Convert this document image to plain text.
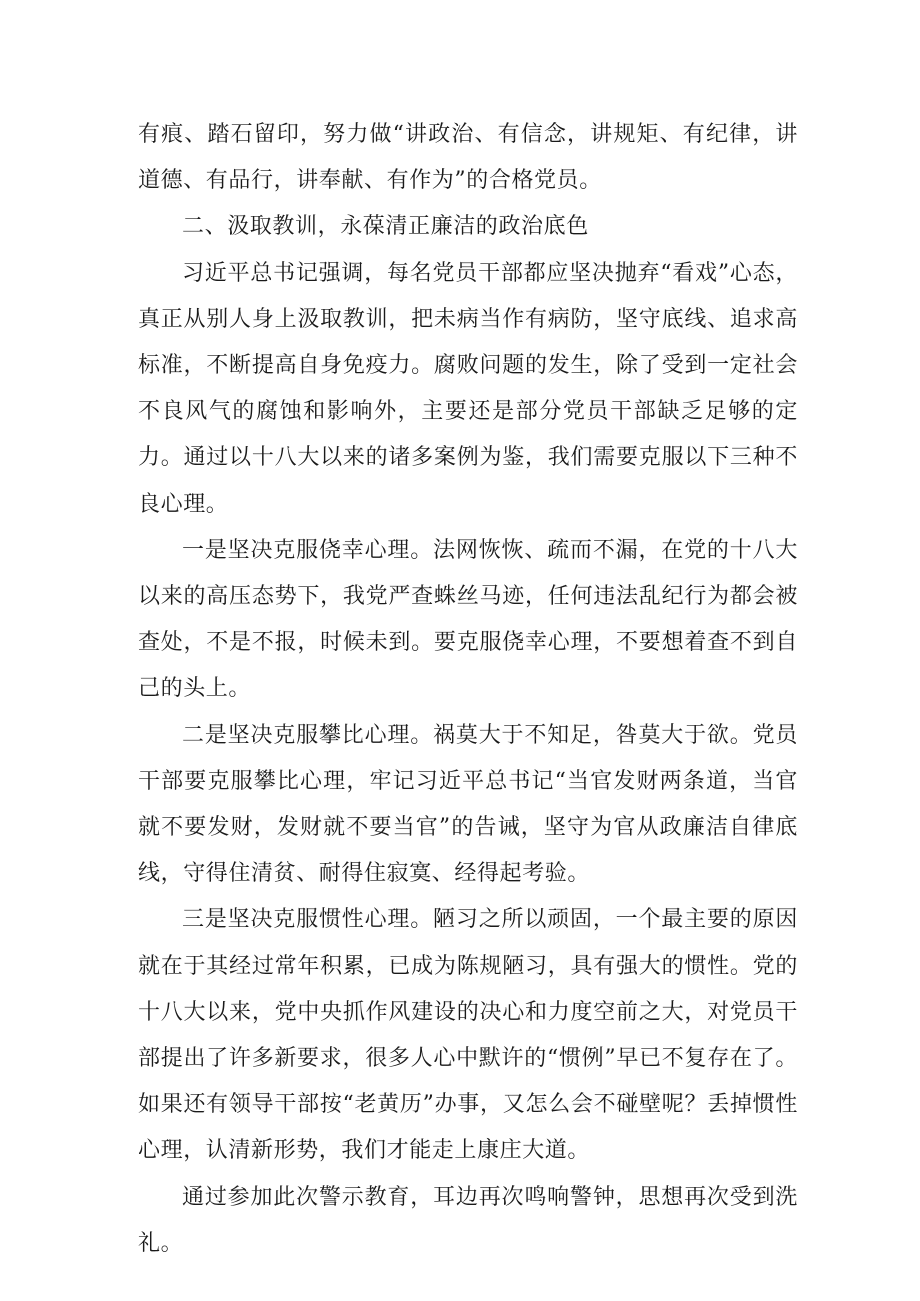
有痕、踏石留印，努力做“讲政治、有信念，讲规矩、有纪律，讲道德、有品行，讲奉献、有作为”的合格党员。

二、汲取教训，永葆清正廉洁的政治底色

习近平总书记强调，每名党员干部都应坚决抛弃“看戏”心态，真正从别人身上汲取教训，把未病当作有病防，坚守底线、追求高标准，不断提高自身免疫力。腐败问题的发生，除了受到一定社会不良风气的腐蚀和影响外，主要还是部分党员干部缺乏足够的定力。通过以十八大以来的诸多案例为鉴，我们需要克服以下三种不良心理。

一是坚决克服侥幸心理。法网恢恢、疏而不漏，在党的十八大以来的高压态势下，我党严查蛛丝马迹，任何违法乱纪行为都会被查处，不是不报，时候未到。要克服侥幸心理，不要想着查不到自己的头上。

二是坚决克服攀比心理。祸莫大于不知足，咎莫大于欲。党员干部要克服攀比心理，牢记习近平总书记“当官发财两条道，当官就不要发财，发财就不要当官”的告诫，坚守为官从政廉洁自律底线，守得住清贫、耐得住寂寞、经得起考验。

三是坚决克服惯性心理。陋习之所以顽固，一个最主要的原因就在于其经过常年积累，已成为陈规陋习，具有强大的惯性。党的十八大以来，党中央抓作风建设的决心和力度空前之大，对党员干部提出了许多新要求，很多人心中默许的“惯例”早已不复存在了。如果还有领导干部按“老黄历”办事，又怎么会不碰壁呢？丢掉惯性心理，认清新形势，我们才能走上康庄大道。

通过参加此次警示教育，耳边再次鸣响警钟，思想再次受到洗礼。
